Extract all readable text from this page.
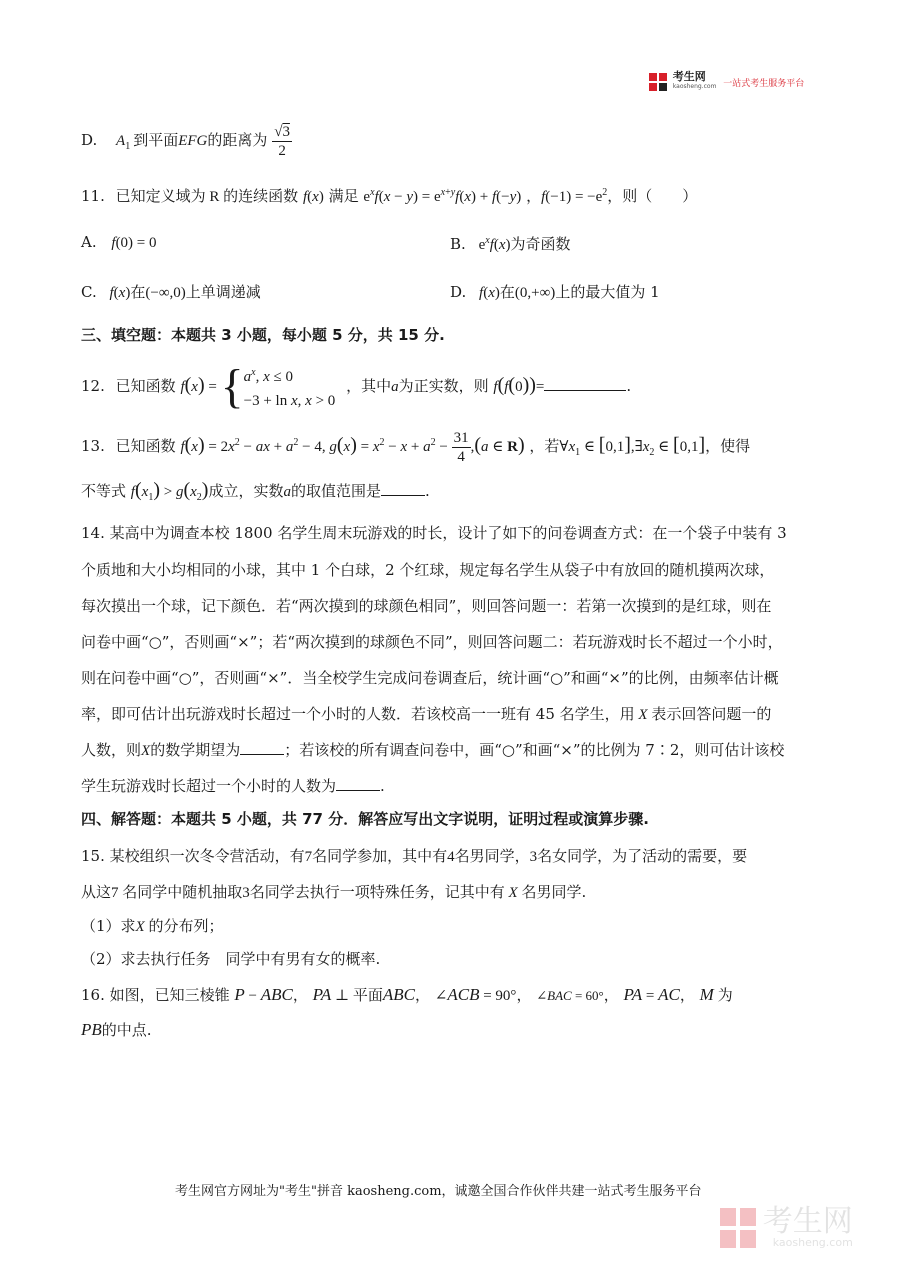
考生网
kaosheng.com 一站式考生服务平台
D. $A_1$ 到平面EFG的距离为 $\frac{√3}{2}$
11. 已知定义域为 R 的连续函数 f(x) 满足 $e^xf(x - y) = e^{x+y}f(x) + f(-y)$ ，$f(-1) = -e^2$，则（　　）
A. f(0) = 0	B. $e^xf(x)$为奇函数
C. f(x)在(−∞,0)上单调递减	D. f(x)在(0,+∞)上的最大值为 1
三、填空题：本题共 3 小题，每小题 5 分，共 15 分.
12. 已知函数 f(x) = { $a^x$, x ≤ 0
−3 + ln x, x > 0
，其中a为正实数，则 f(f(0))=	.
13. 已知函数 $f(x) = 2x^2$ − ax + $a^2 - 4$, $g(x) = x^2 - x + a^2 - \frac{31}{4} ,(a$ ∈ R) ，若$\forall x_1$ ∈ $[0,1],\exists x_2$ ∈ [0,1]，使得
不等式 $f(x_1) > g(x_2)$成立，实数a的取值范围是	.
14. 某高中为调查本校 1800 名学生周末玩游戏的时长，设计了如下的问卷调查方式：在一个袋子中装有 3
个质地和大小均相同的小球，其中 1 个白球，2 个红球，规定每名学生从袋子中有放回的随机摸两次球，
每次摸出一个球，记下颜色．若“两次摸到的球颜色相同”，则回答问题一：若第一次摸到的是红球，则在
问卷中画“○”，否则画“×”；若“两次摸到的球颜色不同”，则回答问题二：若玩游戏时长不超过一个小时，
则在问卷中画“○”，否则画“×”．当全校学生完成问卷调查后，统计画“○”和画“×”的比例，由频率估计概
率，即可估计出玩游戏时长超过一个小时的人数．若该校高一一班有 45 名学生，用 X 表示回答问题一的
人数，则X的数学期望为	；若该校的所有调查问卷中，画“○”和画“×”的比例为 7∶2，则可估计该校
学生玩游戏时长超过一个小时的人数为	.
四、解答题：本题共 5 小题，共 77 分．解答应写出文字说明，证明过程或演算步骤.
15. 某校组织一次冬令营活动，有7名同学参加，其中有4名男同学，3名女同学，为了活动的需要，要
从这7 名同学中随机抽取3名同学去执行一项特殊任务，记其中有 X 名男同学.
（1）求X 的分布列；
（2）求去执行任务　同学中有男有女的概率.
16. 如图，已知三棱锥 P − ABC， PA ⊥ 平面ABC， ∠ACB = 90°， ∠BAC = 60°， PA = AC， M 为
PB的中点.
考生网官方网址为"考生"拼音 kaosheng.com，诚邀全国合作伙伴共建一站式考生服务平台

考生网
kaosheng.com
